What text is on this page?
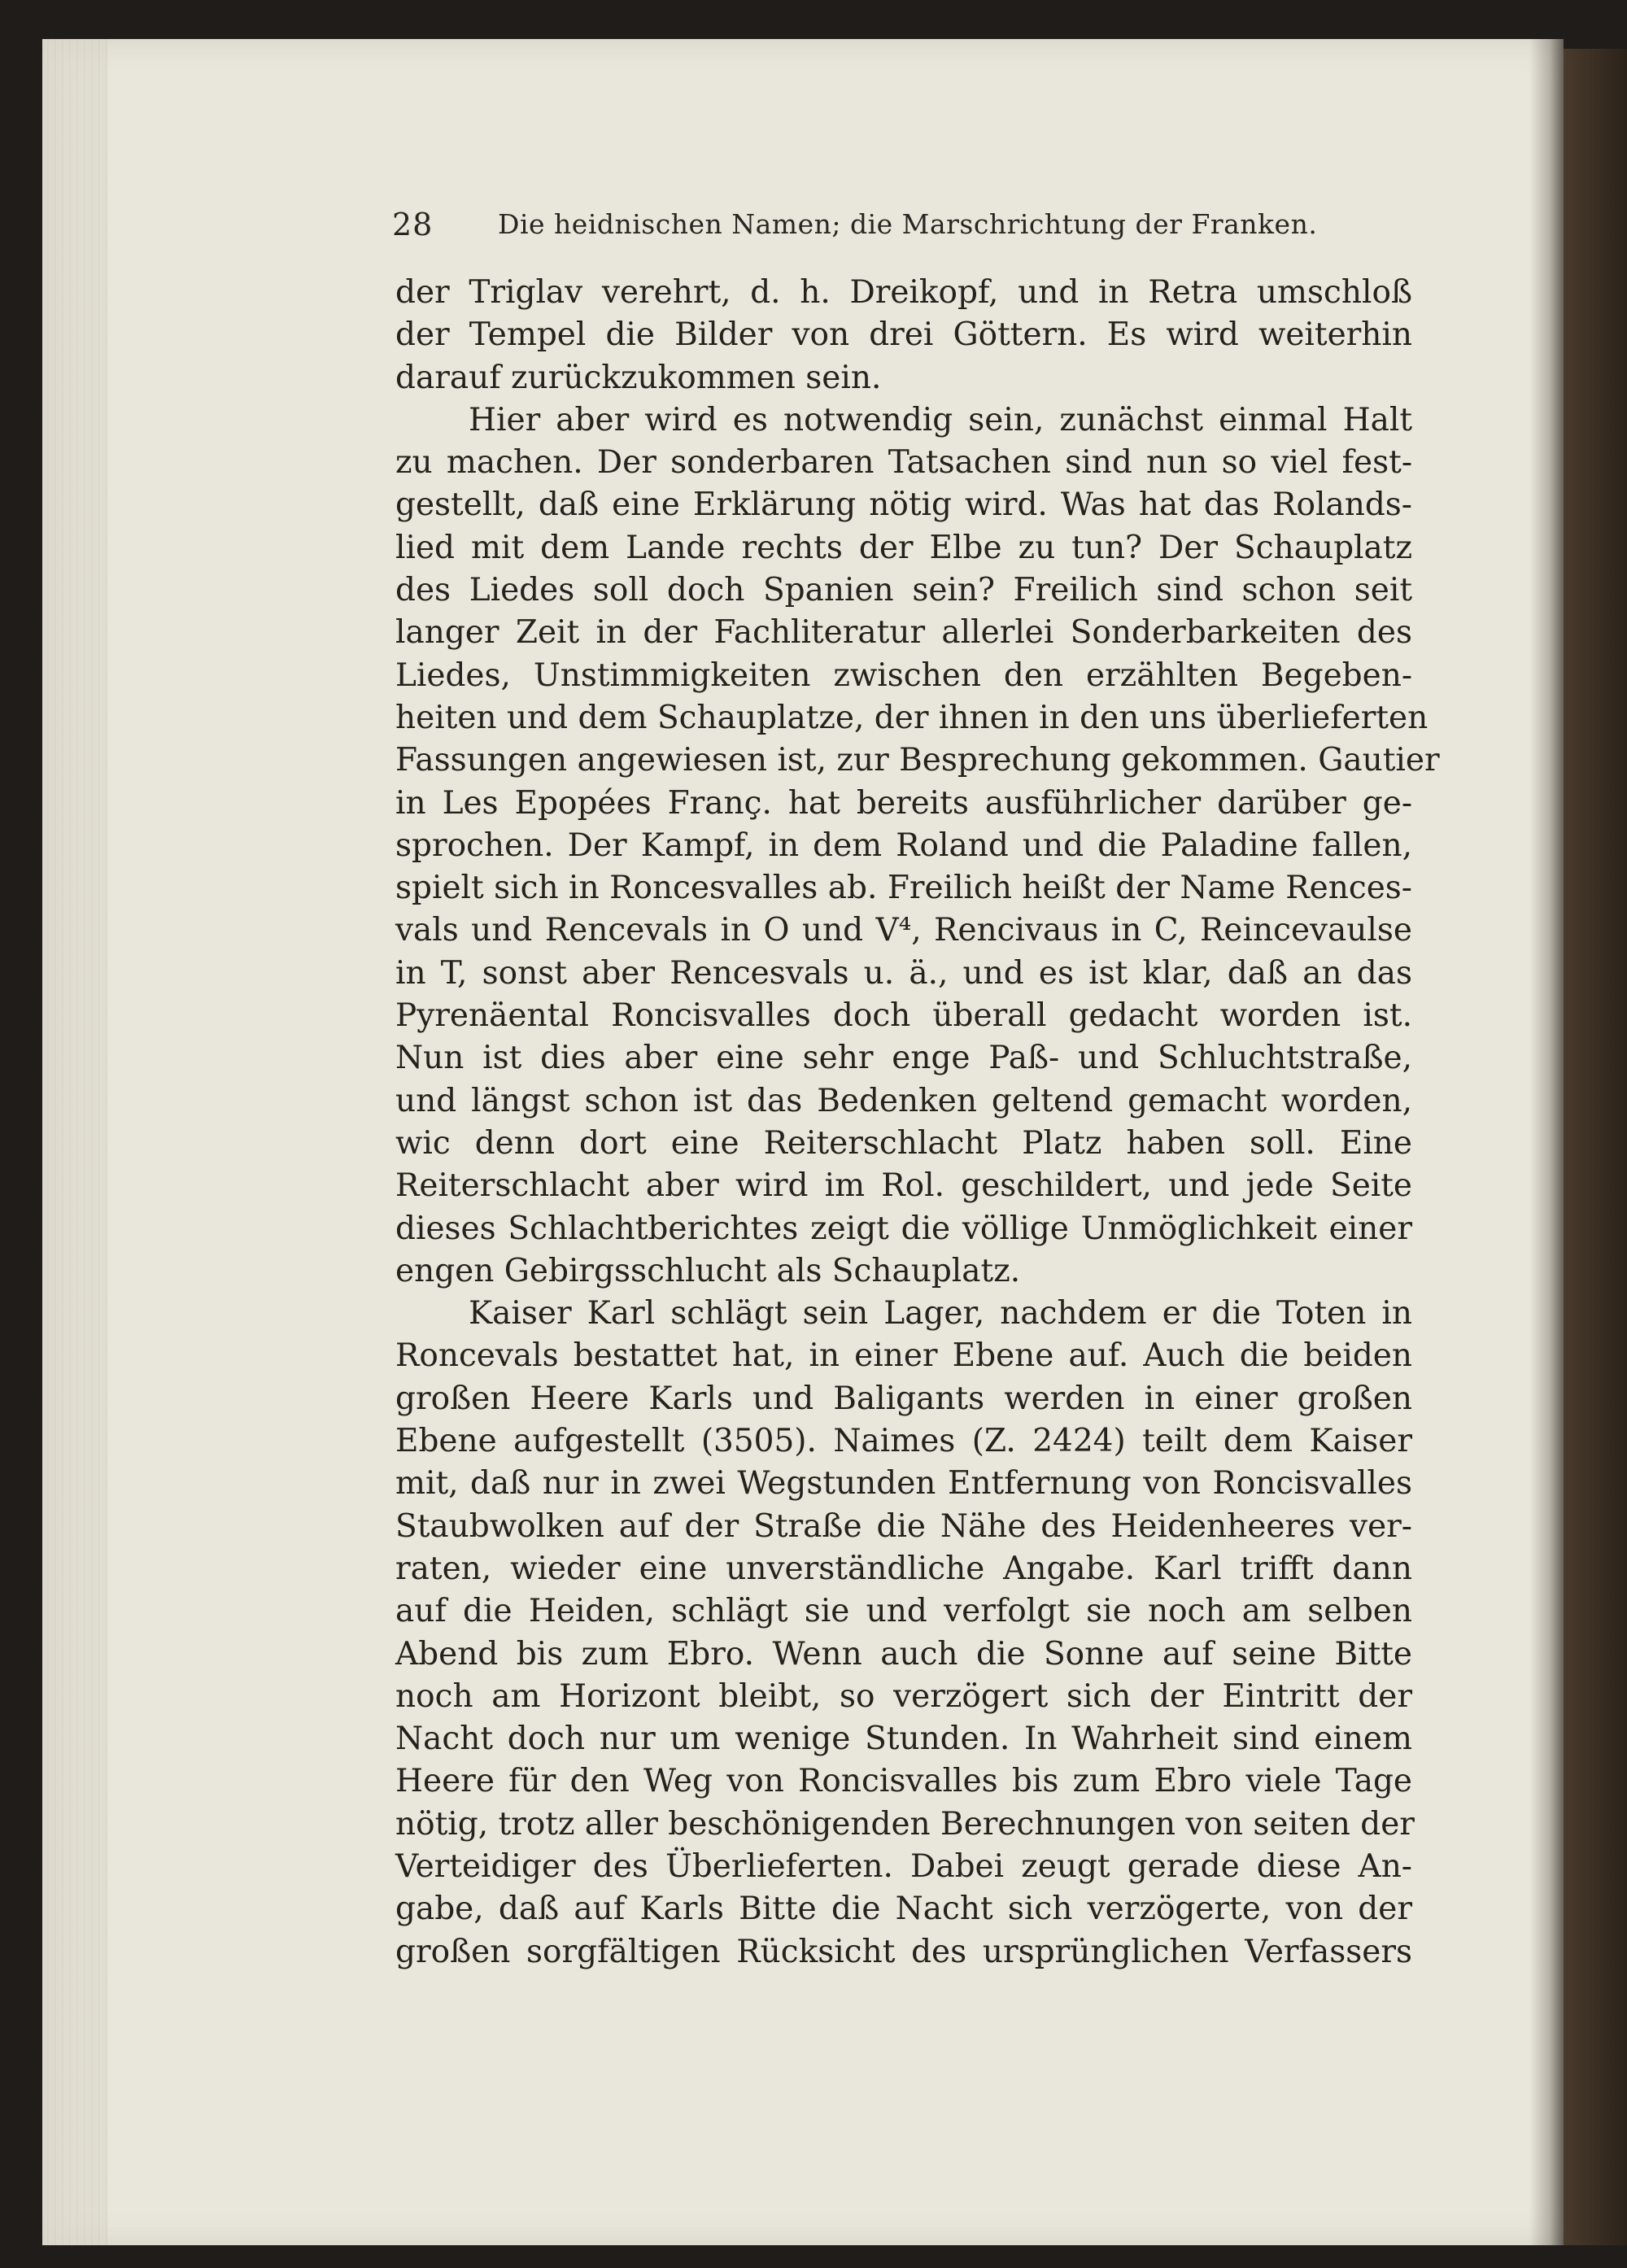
28 Die heidnischen Namen; die Marschrichtung der Franken.
der Triglav verehrt, d. h. Dreikopf, und in Retra umschloß
der Tempel die Bilder von drei Göttern. Es wird weiterhin
darauf zurückzukommen sein.
Hier aber wird es notwendig sein, zunächst einmal Halt
zu machen. Der sonderbaren Tatsachen sind nun so viel fest-
gestellt, daß eine Erklärung nötig wird. Was hat das Rolands-
lied mit dem Lande rechts der Elbe zu tun? Der Schauplatz
des Liedes soll doch Spanien sein? Freilich sind schon seit
langer Zeit in der Fachliteratur allerlei Sonderbarkeiten des
Liedes, Unstimmigkeiten zwischen den erzählten Begeben-
heiten und dem Schauplatze, der ihnen in den uns überlieferten
Fassungen angewiesen ist, zur Besprechung gekommen. Gautier
in Les Epopées Franç. hat bereits ausführlicher darüber ge-
sprochen. Der Kampf, in dem Roland und die Paladine fallen,
spielt sich in Roncesvalles ab. Freilich heißt der Name Rences-
vals und Rencevals in O und V⁴, Rencivaus in C, Reincevaulse
in T, sonst aber Rencesvals u. ä., und es ist klar, daß an das
Pyrenäental Roncisvalles doch überall gedacht worden ist.
Nun ist dies aber eine sehr enge Paß- und Schluchtstraße,
und längst schon ist das Bedenken geltend gemacht worden,
wic denn dort eine Reiterschlacht Platz haben soll. Eine
Reiterschlacht aber wird im Rol. geschildert, und jede Seite
dieses Schlachtberichtes zeigt die völlige Unmöglichkeit einer
engen Gebirgsschlucht als Schauplatz.
Kaiser Karl schlägt sein Lager, nachdem er die Toten in
Roncevals bestattet hat, in einer Ebene auf. Auch die beiden
großen Heere Karls und Baligants werden in einer großen
Ebene aufgestellt (3505). Naimes (Z. 2424) teilt dem Kaiser
mit, daß nur in zwei Wegstunden Entfernung von Roncisvalles
Staubwolken auf der Straße die Nähe des Heidenheeres ver-
raten, wieder eine unverständliche Angabe. Karl trifft dann
auf die Heiden, schlägt sie und verfolgt sie noch am selben
Abend bis zum Ebro. Wenn auch die Sonne auf seine Bitte
noch am Horizont bleibt, so verzögert sich der Eintritt der
Nacht doch nur um wenige Stunden. In Wahrheit sind einem
Heere für den Weg von Roncisvalles bis zum Ebro viele Tage
nötig, trotz aller beschönigenden Berechnungen von seiten der
Verteidiger des Überlieferten. Dabei zeugt gerade diese An-
gabe, daß auf Karls Bitte die Nacht sich verzögerte, von der
großen sorgfältigen Rücksicht des ursprünglichen Verfassers
